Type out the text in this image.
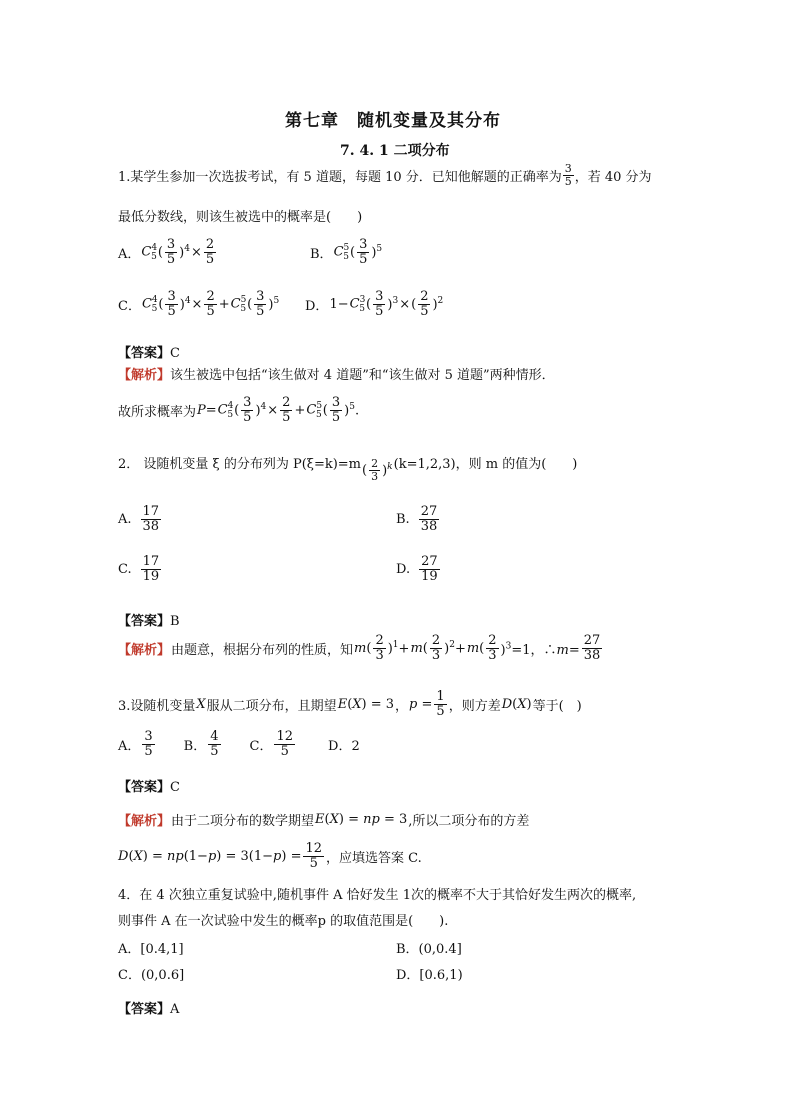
第七章　随机变量及其分布
7. 4. 1 二项分布
1.某学生参加一次选拔考试，有 5 道题，每题 10 分．已知他解题的正确率为 $\frac{3}{5}$ ，若 40 分为
最低分数线，则该生被选中的概率是(　　)
A． $C^4_5$ ( $\frac{3}{5} )^4 \times \frac{2}{5}$	B． $C^5_5$ ( $\frac{3}{5} )^5$
C． $C^4_5$ ( $\frac{3}{5} )^4 \times \frac{2}{5} + C^5_5$ ( $\frac{3}{5} )^5$ D． $1- C^3_5$ ( $\frac{3}{5} )^3$ × ( $\frac{2}{5} )^2$
【答案】C
【解析】该生被选中包括“该生做对 4 道题”和“该生做对 5 道题”两种情形．
故所求概率为 $P= C^4_5$ ( $\frac{3}{5} )^4 \times \frac{2}{5} + C^5_5$ ( $\frac{3}{5} )^5$.
2． 设随机变量 ξ 的分布列为 P(ξ=k)=m ( $\frac{2}{3} )^k$ (k=1,2,3)，则 m 的值为(　　)
A. $\frac{17}{38}$	B. $\frac{27}{38}$
C. $\frac{17}{19}$	D. $\frac{27}{19}$
【答案】B
【解析】 由题意，根据分布列的性质，知 $m( \frac{2}{3} )^1+ m( \frac{2}{3} )^2+ m( \frac{2}{3} )^3=1$，∴m= $\frac{27}{38}$
3.设随机变量 X 服从二项分布，且期望 E(X) = 3 ， $p = \frac{1}{5}$ ，则方差 D(X) 等于(　)
A． $\frac{3}{5}$ B． $\frac{4}{5}$ C． $\frac{12}{5}$	D．2
【答案】C
【解析】 由于二项分布的数学期望 E(X) = np = 3 ,所以二项分布的方差
$D(X) = np(1-p) = 3(1-p) = \frac{12}{5}$ ，应填选答案 C.
4．在 4 次独立重复试验中,随机事件 A 恰好发生 1次的概率不大于其恰好发生两次的概率,
则事件 A 在一次试验中发生的概率p 的取值范围是(　　).
A．[0.4,1]	B．(0,0.4]
C．(0,0.6]	D．[0.6,1)
【答案】A
